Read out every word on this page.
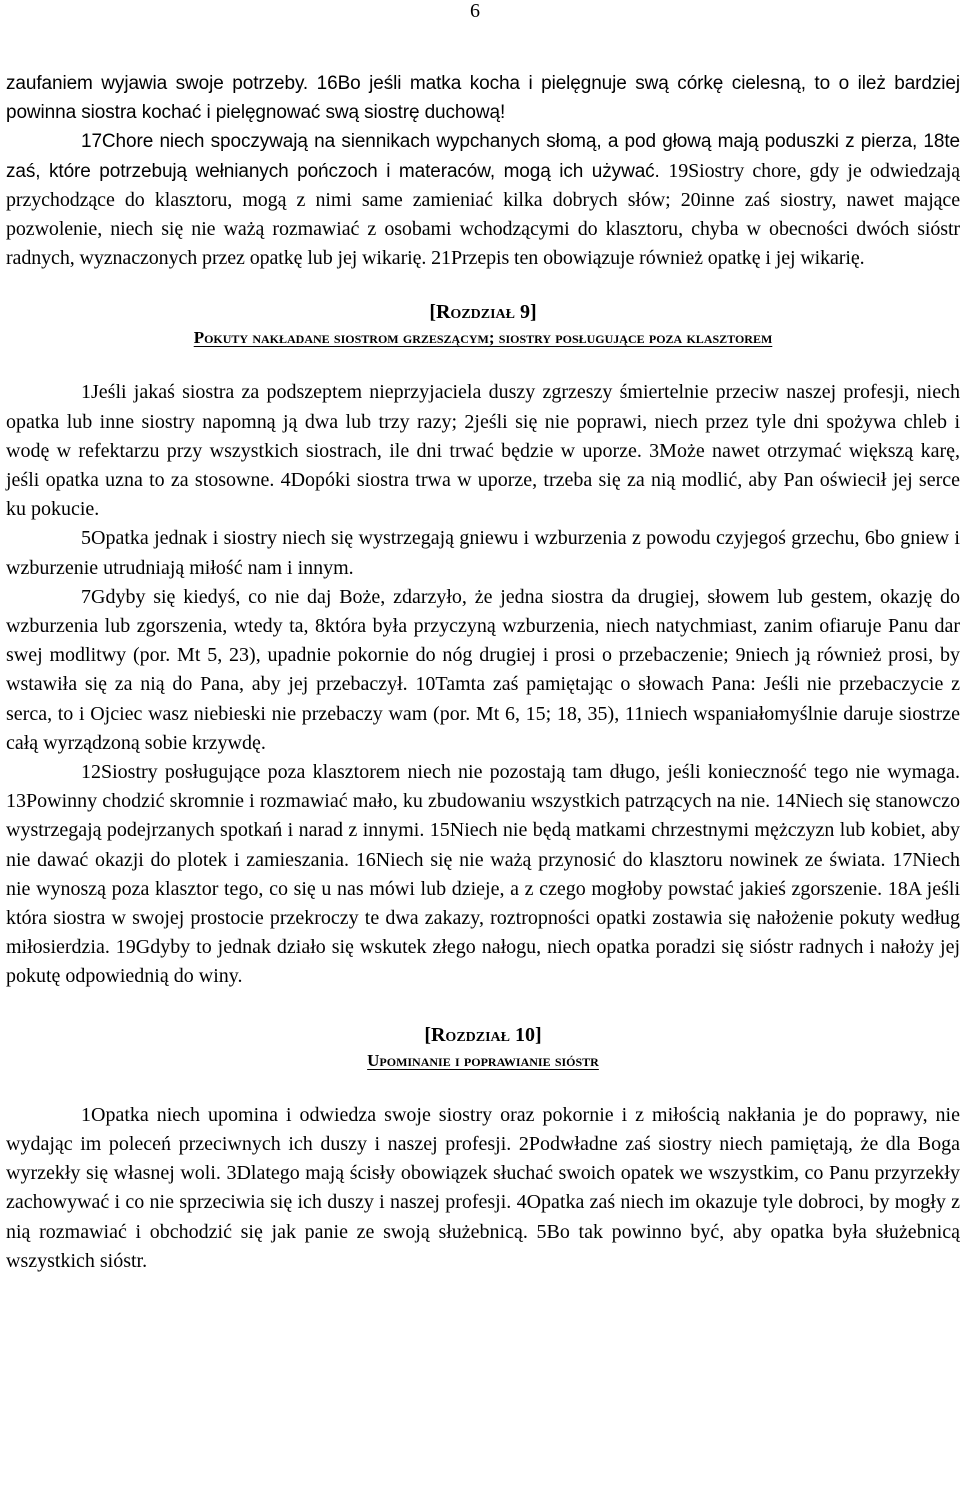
6

zaufaniem wyjawia swoje potrzeby. 16Bo jeśli matka kocha i pielęgnuje swą córkę cielesną, to o ileż bardziej powinna siostra kochać i pielęgnować swą siostrę duchową!

17Chore niech spoczywają na siennikach wypchanych słomą, a pod głową mają poduszki z pierza, 18te zaś, które potrzebują wełnianych pończoch i materaców, mogą ich używać. 19Siostry chore, gdy je odwiedzają przychodzące do klasztoru, mogą z nimi same zamieniać kilka dobrych słów; 20inne zaś siostry, nawet mające pozwolenie, niech się nie ważą rozmawiać z osobami wchodzącymi do klasztoru, chyba w obecności dwóch sióstr radnych, wyznaczonych przez opatkę lub jej wikarię. 21Przepis ten obowiązuje również opatkę i jej wikarię.

[Rozdział 9]

Pokuty nakładane siostrom grzeszącym; siostry posługujące poza klasztorem

1Jeśli jakaś siostra za podszeptem nieprzyjaciela duszy zgrzeszy śmiertelnie przeciw naszej profesji, niech opatka lub inne siostry napomną ją dwa lub trzy razy; 2jeśli się nie poprawi, niech przez tyle dni spożywa chleb i wodę w refektarzu przy wszystkich siostrach, ile dni trwać będzie w uporze. 3Może nawet otrzymać większą karę, jeśli opatka uzna to za stosowne. 4Dopóki siostra trwa w uporze, trzeba się za nią modlić, aby Pan oświecił jej serce ku pokucie.

5Opatka jednak i siostry niech się wystrzegają gniewu i wzburzenia z powodu czyjegoś grzechu, 6bo gniew i wzburzenie utrudniają miłość nam i innym.

7Gdyby się kiedyś, co nie daj Boże, zdarzyło, że jedna siostra da drugiej, słowem lub gestem, okazję do wzburzenia lub zgorszenia, wtedy ta, 8która była przyczyną wzburzenia, niech natychmiast, zanim ofiaruje Panu dar swej modlitwy (por. Mt 5, 23), upadnie pokornie do nóg drugiej i prosi o przebaczenie; 9niech ją również prosi, by wstawiła się za nią do Pana, aby jej przebaczył. 10Tamta zaś pamiętając o słowach Pana: Jeśli nie przebaczycie z serca, to i Ojciec wasz niebieski nie przebaczy wam (por. Mt 6, 15; 18, 35), 11niech wspaniałomyślnie daruje siostrze całą wyrządzoną sobie krzywdę.

12Siostry posługujące poza klasztorem niech nie pozostają tam długo, jeśli konieczność tego nie wymaga. 13Powinny chodzić skromnie i rozmawiać mało, ku zbudowaniu wszystkich patrzących na nie. 14Niech się stanowczo wystrzegają podejrzanych spotkań i narad z innymi. 15Niech nie będą matkami chrzestnymi mężczyzn lub kobiet, aby nie dawać okazji do plotek i zamieszania. 16Niech się nie ważą przynosić do klasztoru nowinek ze świata. 17Niech nie wynoszą poza klasztor tego, co się u nas mówi lub dzieje, a z czego mogłoby powstać jakieś zgorszenie. 18A jeśli która siostra w swojej prostocie przekroczy te dwa zakazy, roztropności opatki zostawia się nałożenie pokuty według miłosierdzia. 19Gdyby to jednak działo się wskutek złego nałogu, niech opatka poradzi się sióstr radnych i nałoży jej pokutę odpowiednią do winy.

[Rozdział 10]

Upominanie i poprawianie sióstr

1Opatka niech upomina i odwiedza swoje siostry oraz pokornie i z miłością nakłania je do poprawy, nie wydając im poleceń przeciwnych ich duszy i naszej profesji. 2Podwładne zaś siostry niech pamiętają, że dla Boga wyrzekły się własnej woli. 3Dlatego mają ścisły obowiązek słuchać swoich opatek we wszystkim, co Panu przyrzekły zachowywać i co nie sprzeciwia się ich duszy i naszej profesji. 4Opatka zaś niech im okazuje tyle dobroci, by mogły z nią rozmawiać i obchodzić się jak panie ze swoją służebnicą. 5Bo tak powinno być, aby opatka była służebnicą wszystkich sióstr.
